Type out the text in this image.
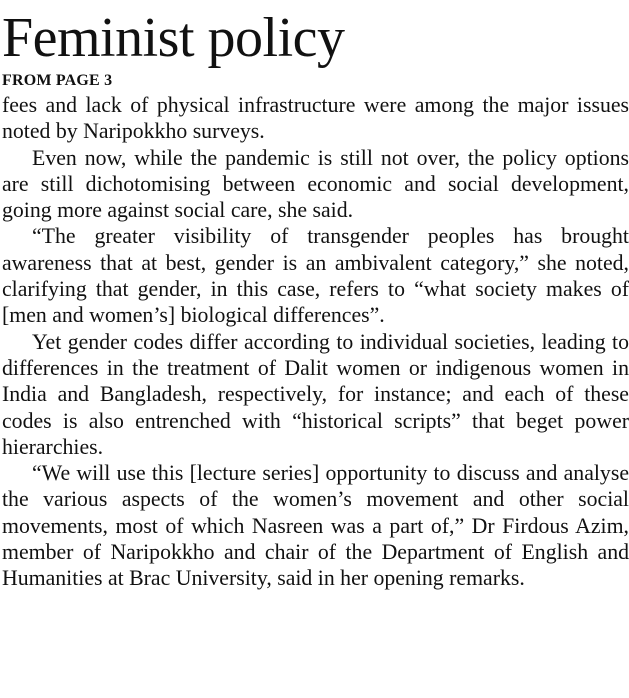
Feminist policy
FROM PAGE 3

fees and lack of physical infrastructure were among the major issues noted by Naripokkho surveys.

Even now, while the pandemic is still not over, the policy options are still dichotomising between economic and social development, going more against social care, she said.

“The greater visibility of transgender peoples has brought awareness that at best, gender is an ambivalent category,” she noted, clarifying that gender, in this case, refers to “what society makes of [men and women’s] biological differences”.

Yet gender codes differ according to individual societies, leading to differences in the treatment of Dalit women or indigenous women in India and Bangladesh, respectively, for instance; and each of these codes is also entrenched with “historical scripts” that beget power hierarchies.

“We will use this [lecture series] opportunity to discuss and analyse the various aspects of the women’s movement and other social movements, most of which Nasreen was a part of,” Dr Firdous Azim, member of Naripokkho and chair of the Department of English and Humanities at Brac University, said in her opening remarks.
